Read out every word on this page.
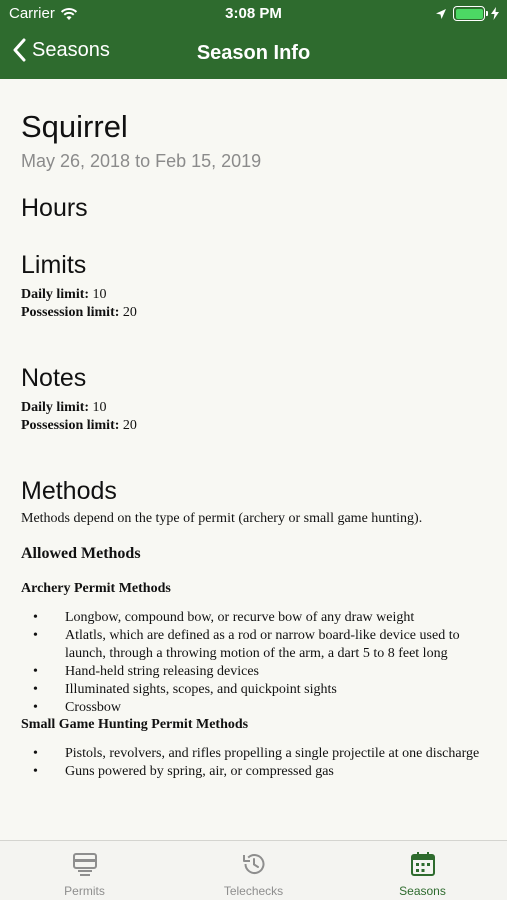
Carrier	3:08 PM
Seasons	Season Info
Squirrel
May 26, 2018 to Feb 15, 2019
Hours
Limits
Daily limit: 10
Possession limit: 20
Notes
Daily limit: 10
Possession limit: 20
Methods
Methods depend on the type of permit (archery or small game hunting).
Allowed Methods
Archery Permit Methods
• Longbow, compound bow, or recurve bow of any draw weight
• Atlatls, which are defined as a rod or narrow board-like device used to launch, through a throwing motion of the arm, a dart 5 to 8 feet long
• Hand-held string releasing devices
• Illuminated sights, scopes, and quickpoint sights
• Crossbow
Small Game Hunting Permit Methods
• Pistols, revolvers, and rifles propelling a single projectile at one discharge
• Guns powered by spring, air, or compressed gas
Permits	Telechecks	Seasons
